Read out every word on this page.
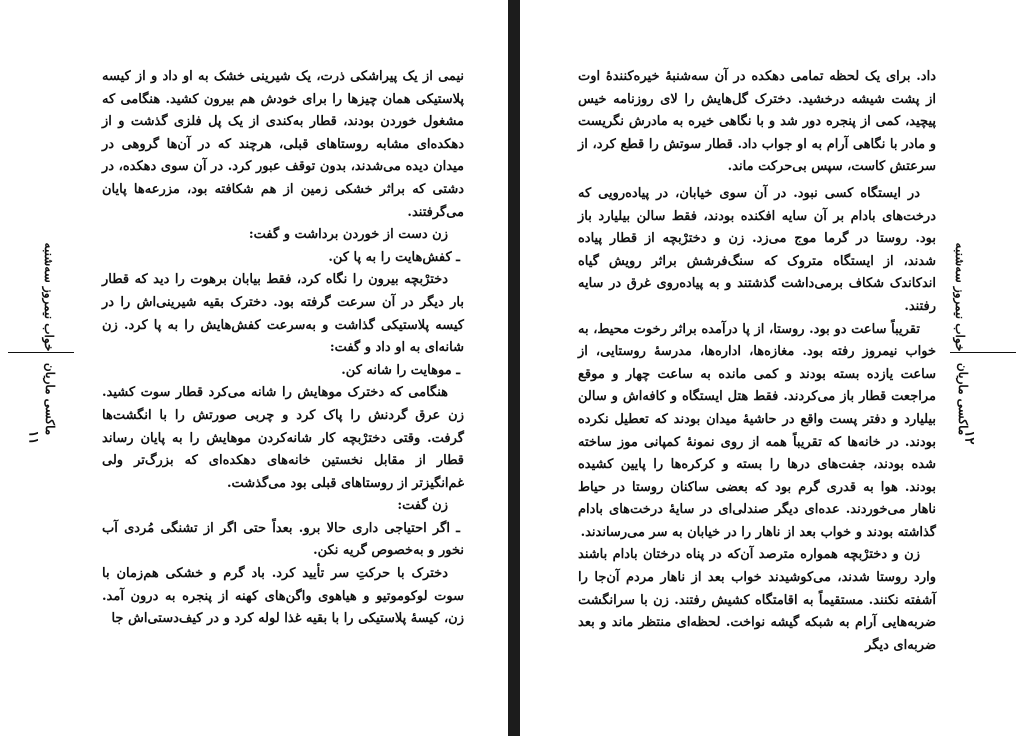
خواب نیمروز سه‌شنبه
ماکسی ماریان
۱۱

نیمی از یک پیراشکی ذرت، یک شیرینی خشک به او داد و از کیسه پلاستیکی همان چیزها را برای خودش هم بیرون کشید. هنگامی که مشغول خوردن بودند، قطار به‌کندی از یک پل فلزی گذشت و از دهکده‌ای مشابه روستاهای قبلی، هرچند که در آن‌ها گروهی در میدان دیده می‌شدند، بدون توقف عبور کرد. در آن سوی دهکده، در دشتی که براثر خشکی زمین از هم شکافته بود، مزرعه‌ها پایان می‌گرفتند.

زن دست از خوردن برداشت و گفت:

ـ کفش‌هایت را به پا کن.

دخترْبچه بیرون را نگاه کرد، فقط بیابان برهوت را دید که قطار بار دیگر در آن سرعت گرفته بود. دخترک بقیه شیرینی‌اش را در کیسه پلاستیکی گذاشت و به‌سرعت کفش‌هایش را به پا کرد. زن شانه‌ای به او داد و گفت:

ـ موهایت را شانه کن.

هنگامی که دخترک موهایش را شانه می‌کرد قطار سوت کشید. زن عرق گردنش را پاک کرد و چربی صورتش را با انگشت‌ها گرفت. وقتی دخترْبچه کار شانه‌کردن موهایش را به پایان رساند قطار از مقابل نخستین خانه‌های دهکده‌ای که بزرگ‌تر ولی غم‌انگیزتر از روستاهای قبلی بود می‌گذشت.

زن گفت:

ـ اگر احتیاجی داری حالا برو. بعداً حتی اگر از تشنگی مُردی آب نخور و به‌خصوص گریه نکن.

دخترک با حرکتِ سر تأیید کرد. باد گرم و خشکی هم‌زمان با سوت لوکوموتیو و هیاهوی واگن‌های کهنه از پنجره به درون آمد. زن، کیسهٔ پلاستیکی را با بقیه غذا لوله کرد و در کیف‌دستی‌اش جا

داد. برای یک لحظه تمامی دهکده در آن سه‌شنبهٔ خیره‌کنندهٔ اوت از پشت شیشه درخشید. دخترک گل‌هایش را لای روزنامه خیس پیچید، کمی از پنجره دور شد و با نگاهی خیره به مادرش نگریست و مادر با نگاهی آرام به او جواب داد. قطار سوتش را قطع کرد، از سرعتش کاست، سپس بی‌حرکت ماند.

در ایستگاه کسی نبود. در آن سوی خیابان، در پیاده‌رویی که درخت‌های بادام بر آن سایه افکنده بودند، فقط سالن بیلیارد باز بود. روستا در گرما موج می‌زد. زن و دخترْبچه از قطار پیاده شدند، از ایستگاه متروک که سنگ‌فرشش براثر رویش گیاه اندکاندک شکاف برمی‌داشت گذشتند و به پیاده‌روی غرق در سایه رفتند.

تقریباً ساعت دو بود. روستا، از پا درآمده براثر رخوت محیط، به خواب نیمروز رفته بود. مغازه‌ها، اداره‌ها، مدرسهٔ روستایی، از ساعت یازده بسته بودند و کمی مانده به ساعت چهار و موقع مراجعت قطار باز می‌کردند. فقط هتل ایستگاه و کافه‌اش و سالن بیلیارد و دفتر پست واقع در حاشیهٔ میدان بودند که تعطیل نکرده بودند. در خانه‌ها که تقریباً همه از روی نمونهٔ کمپانی موز ساخته شده بودند، جفت‌های درها را بسته و کرکره‌ها را پایین کشیده بودند. هوا به قدری گرم بود که بعضی ساکنان روستا در حیاط ناهار می‌خوردند. عده‌ای دیگر صندلی‌ای در سایهٔ درخت‌های بادام گذاشته بودند و خواب بعد از ناهار را در خیابان به سر می‌رساندند.

زن و دخترْبچه همواره مترصد آن‌که در پناه درختان بادام باشند وارد روستا شدند، می‌کوشیدند خواب بعد از ناهار مردم آن‌جا را آشفته نکنند. مستقیماً به اقامتگاه کشیش رفتند. زن با سرانگشت ضربه‌هایی آرام به شبکه گیشه نواخت. لحظه‌ای منتظر ماند و بعد ضربه‌ای دیگر

خواب نیمروز سه‌شنبه
ماکسی ماریان
۱۲
